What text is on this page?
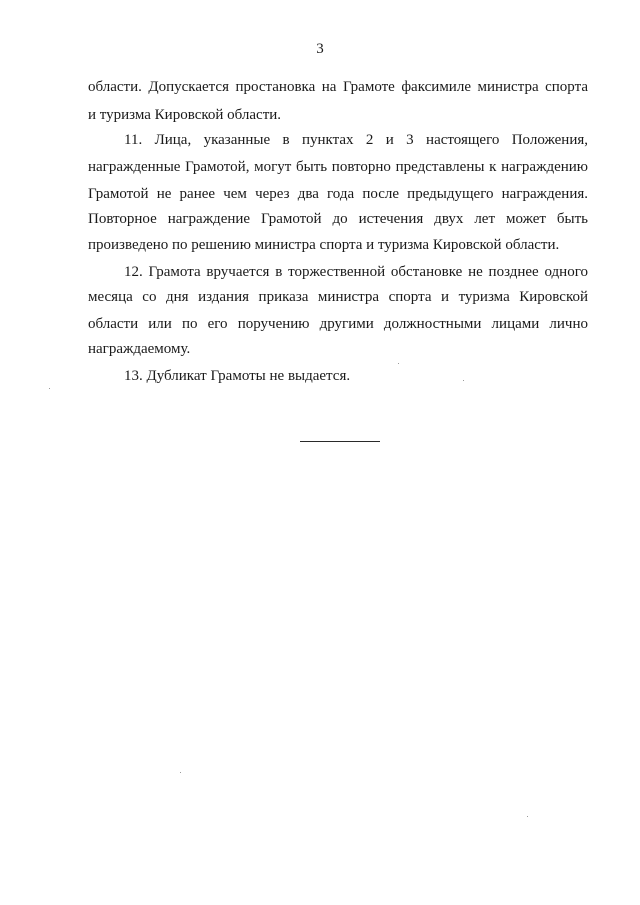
3
области. Допускается простановка на Грамоте факсимиле министра спорта
и туризма Кировской области.
11. Лица, указанные в пунктах 2 и 3 настоящего Положения,
награжденные Грамотой, могут быть повторно представлены к награждению
Грамотой не ранее чем через два года после предыдущего награждения.
Повторное награждение Грамотой до истечения двух лет может быть
произведено по решению министра спорта и туризма Кировской области.
12. Грамота вручается в торжественной обстановке не позднее одного
месяца со дня издания приказа министра спорта и туризма Кировской
области или по его поручению другими должностными лицами лично
награждаемому.
13. Дубликат Грамоты не выдается.
